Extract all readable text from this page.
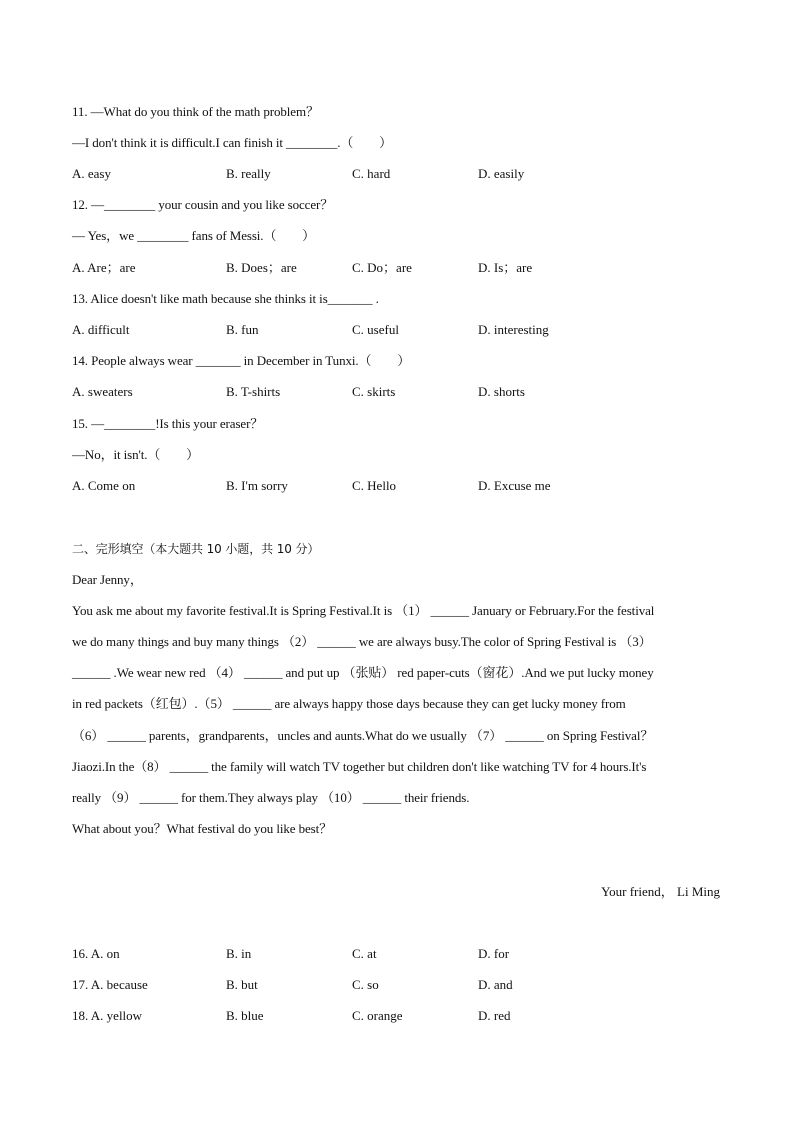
11. —What do you think of the math problem？
—I don't think it is difficult.I can finish it ________.（　　）
A. easy	B. really	C. hard	D. easily
12. —________ your cousin and you like soccer？
— Yes，we ________ fans of Messi.（　　）
A. Are；are	B. Does；are	C. Do；are	D. Is；are
13. Alice doesn't like math because she thinks it is_______ .
A. difficult	B. fun	C. useful	D. interesting
14. People always wear _______ in December in Tunxi.（　　）
A. sweaters	B. T-shirts	C. skirts	D. shorts
15. —________!Is this your eraser？
—No，it isn't.（　　）
A. Come on	B. I'm sorry	C. Hello	D. Excuse me
二、完形填空（本大题共 10 小题，共 10 分）
Dear Jenny，
You ask me about my favorite festival.It is Spring Festival.It is （1） ______ January or February.For the festival
we do many things and buy many things （2） ______ we are always busy.The color of Spring Festival is （3）
______ .We wear new red （4） ______ and put up （张贴） red paper-cuts（窗花）.And we put lucky money
in red packets（红包）.（5） ______ are always happy those days because they can get lucky money from
（6） ______ parents，grandparents，uncles and aunts.What do we usually （7） ______ on Spring Festival？
Jiaozi.In the（8） ______ the family will watch TV together but children don't like watching TV for 4 hours.It's
really （9） ______ for them.They always play （10） ______ their friends.
What about you？What festival do you like best？
Your friend， Li Ming
16. A. on	B. in	C. at	D. for
17. A. because	B. but	C. so	D. and
18. A. yellow	B. blue	C. orange	D. red
